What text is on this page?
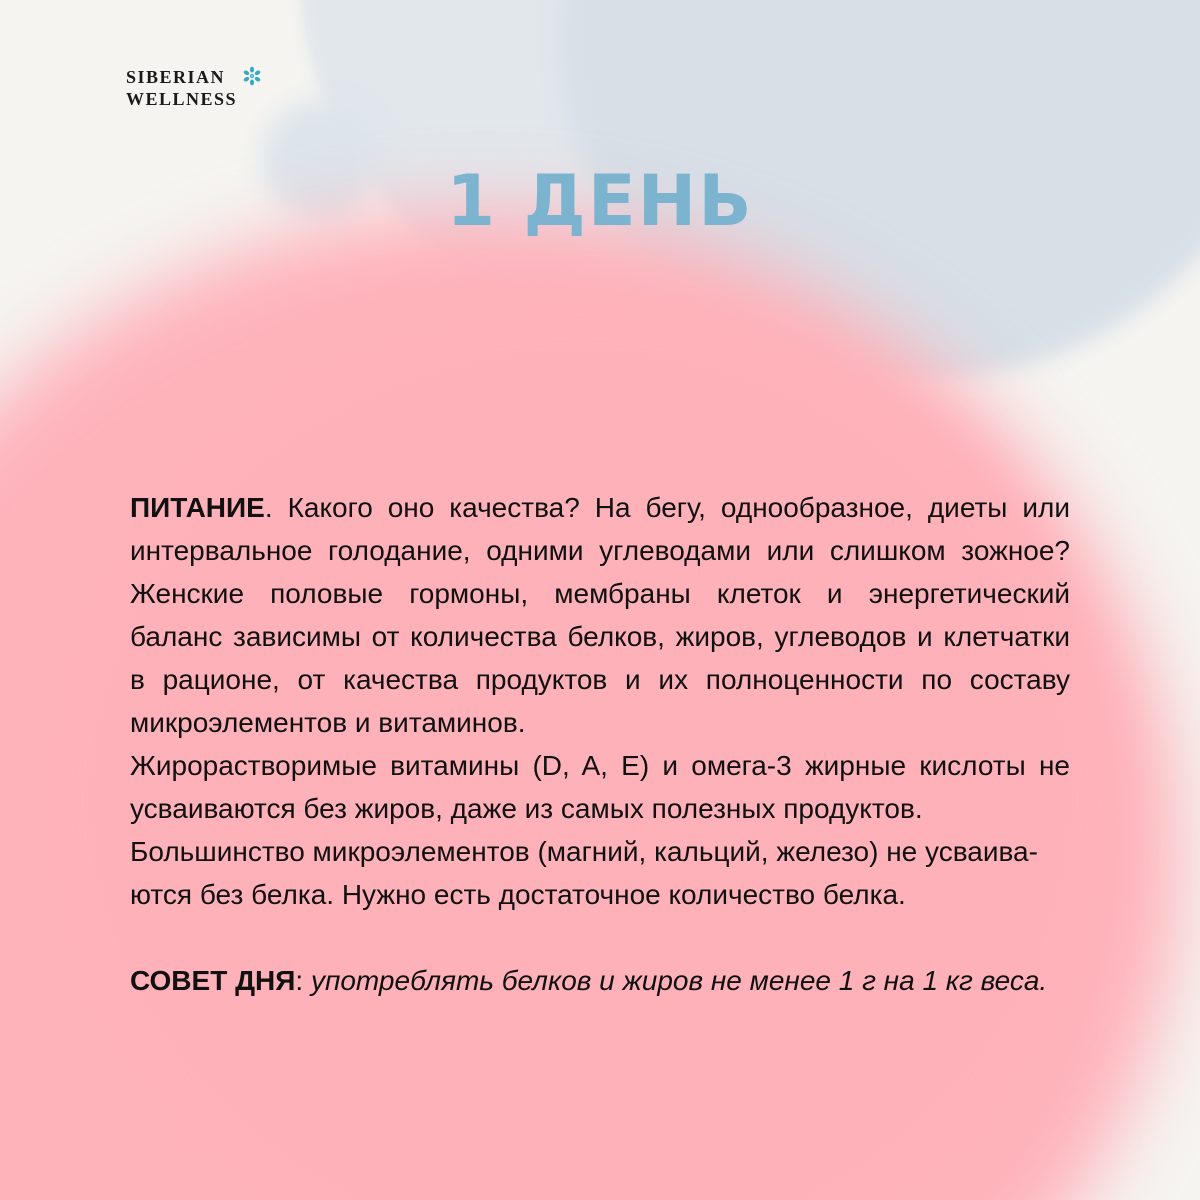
SIBERIAN
WELLNESS
1 ДЕНЬ
ПИТАНИЕ. Какого оно качества? На бегу, однообразное, диеты или
интервальное голодание, одними углеводами или слишком зожное?
Женские половые гормоны, мембраны клеток и энергетический
баланс зависимы от количества белков, жиров, углеводов и клетчатки
в рационе, от качества продуктов и их полноценности по составу
микроэлементов и витаминов.
Жирорастворимые витамины (D, A, E) и омега-3 жирные кислоты не
усваиваются без жиров, даже из самых полезных продуктов.
Большинство микроэлементов (магний, кальций, железо) не усваива-
ются без белка. Нужно есть достаточное количество белка.
СОВЕТ ДНЯ: употреблять белков и жиров не менее 1 г на 1 кг веса.
